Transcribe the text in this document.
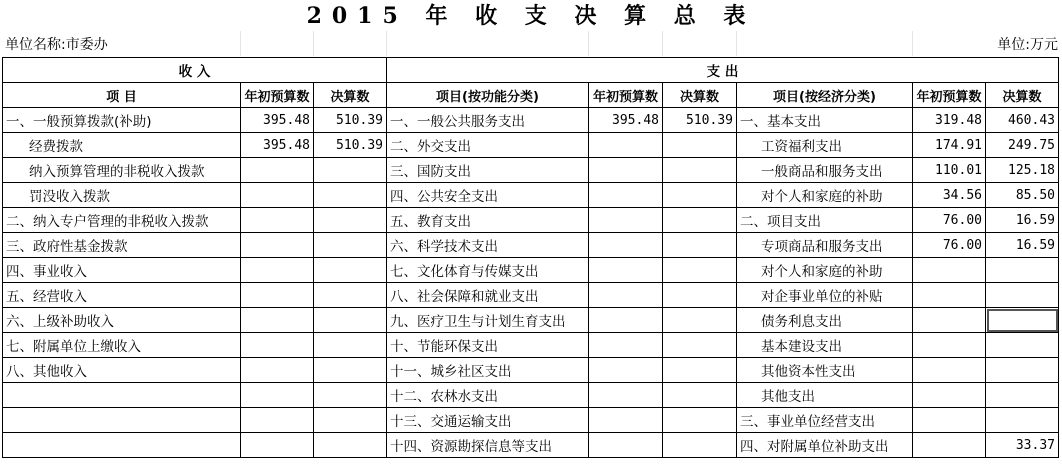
2015 年 收 支 决 算 总 表
单位名称:市委办	单位:万元
收 入			支 出					
项 目	年初预算数	决算数	项目(按功能分类)	年初预算数	决算数	项目(按经济分类)	年初预算数	决算数
一、一般预算拨款(补助)	395.48	510.39	一、一般公共服务支出	395.48	510.39	一、基本支出	319.48	460.43
经费拨款	395.48	510.39	二、外交支出			工资福利支出	174.91	249.75
纳入预算管理的非税收入拨款			三、国防支出			一般商品和服务支出	110.01	125.18
罚没收入拨款			四、公共安全支出			对个人和家庭的补助	34.56	85.50
二、纳入专户管理的非税收入拨款			五、教育支出			二、项目支出	76.00	16.59
三、政府性基金拨款			六、科学技术支出			专项商品和服务支出	76.00	16.59
四、事业收入			七、文化体育与传媒支出			对个人和家庭的补助		
五、经营收入			八、社会保障和就业支出			对企事业单位的补贴		
六、上级补助收入			九、医疗卫生与计划生育支出			债务利息支出		
七、附属单位上缴收入			十、节能环保支出			基本建设支出		
八、其他收入			十一、城乡社区支出			其他资本性支出		
			十二、农林水支出			其他支出		
			十三、交通运输支出			三、事业单位经营支出		
			十四、资源勘探信息等支出			四、对附属单位补助支出		33.37
